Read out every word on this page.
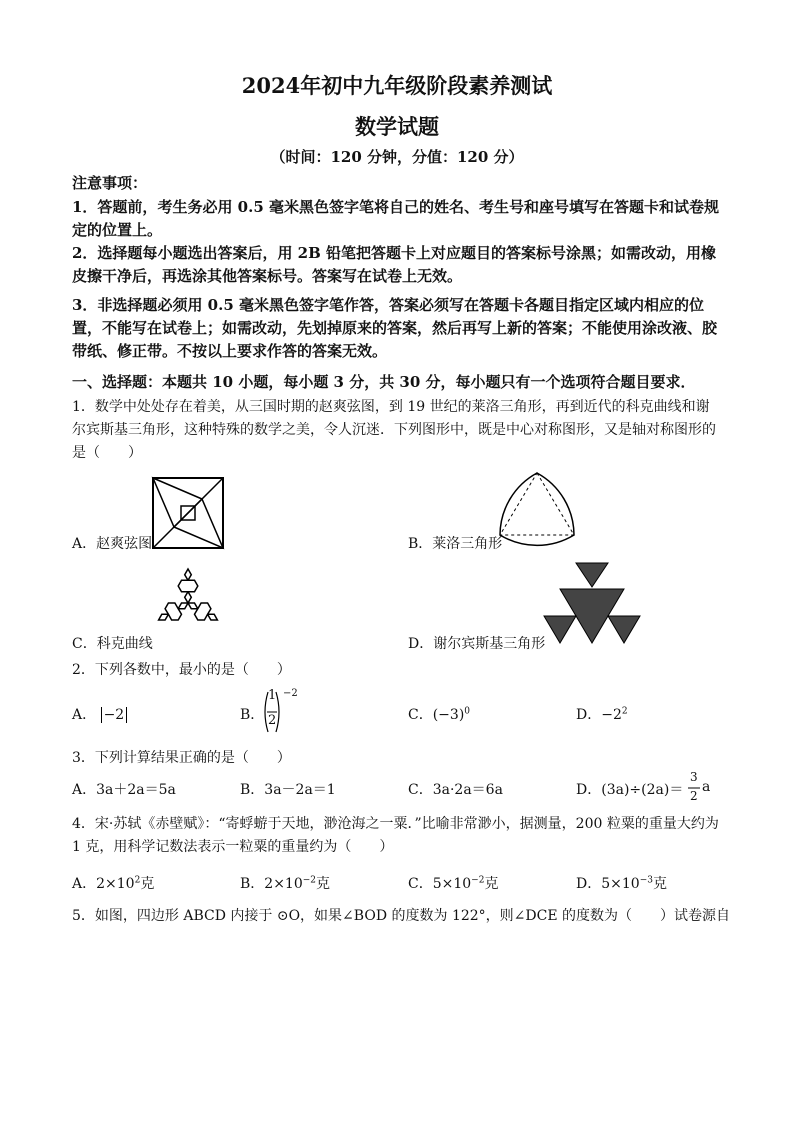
2024年初中九年级阶段素养测试
数学试题
（时间：120 分钟，分值：120 分）
注意事项：
1．答题前，考生务必用 0.5 毫米黑色签字笔将自己的姓名、考生号和座号填写在答题卡和试卷规定的位置上。
2．选择题每小题选出答案后，用 2B 铅笔把答题卡上对应题目的答案标号涂黑；如需改动，用橡皮擦干净后，再选涂其他答案标号。答案写在试卷上无效。
3．非选择题必须用 0.5 毫米黑色签字笔作答，答案必须写在答题卡各题目指定区域内相应的位置，不能写在试卷上；如需改动，先划掉原来的答案，然后再写上新的答案；不能使用涂改液、胶带纸、修正带。不按以上要求作答的答案无效。
一、选择题：本题共 10 小题，每小题 3 分，共 30 分，每小题只有一个选项符合题目要求．
1．数学中处处存在着美，从三国时期的赵爽弦图，到 19 世纪的莱洛三角形，再到近代的科克曲线和谢尔宾斯基三角形，这种特殊的数学之美，令人沉迷．下列图形中，既是中心对称图形，又是轴对称图形的是（　　）
A．赵爽弦图	B．莱洛三角形
C．科克曲线	D．谢尔宾斯基三角形
2．下列各数中，最小的是（　　）
A． −2	B．
1
2
−2
C．$(-3)^0$	D．$-2^2$
3．下列计算结果正确的是（　　）
A．3a＋2a＝5a	B．3a－2a＝1	C．3a·2a＝6a	D．(3a)÷(2a)＝
3
2
a
4．宋·苏轼《赤壁赋》：“寄蜉蝣于天地，渺沧海之一粟．”比喻非常渺小，据测量，200 粒粟的重量大约为 1 克，用科学记数法表示一粒粟的重量约为（　　）
A．$2\times 10^2$克	B．$2\times 10^{-2}$克	C．$5\times 10^{-2}$克	D．$5\times 10^{-3}$克
5．如图，四边形 ABCD 内接于 ⊙O，如果∠BOD 的度数为 122°，则∠DCE 的度数为（　　）试卷源自
